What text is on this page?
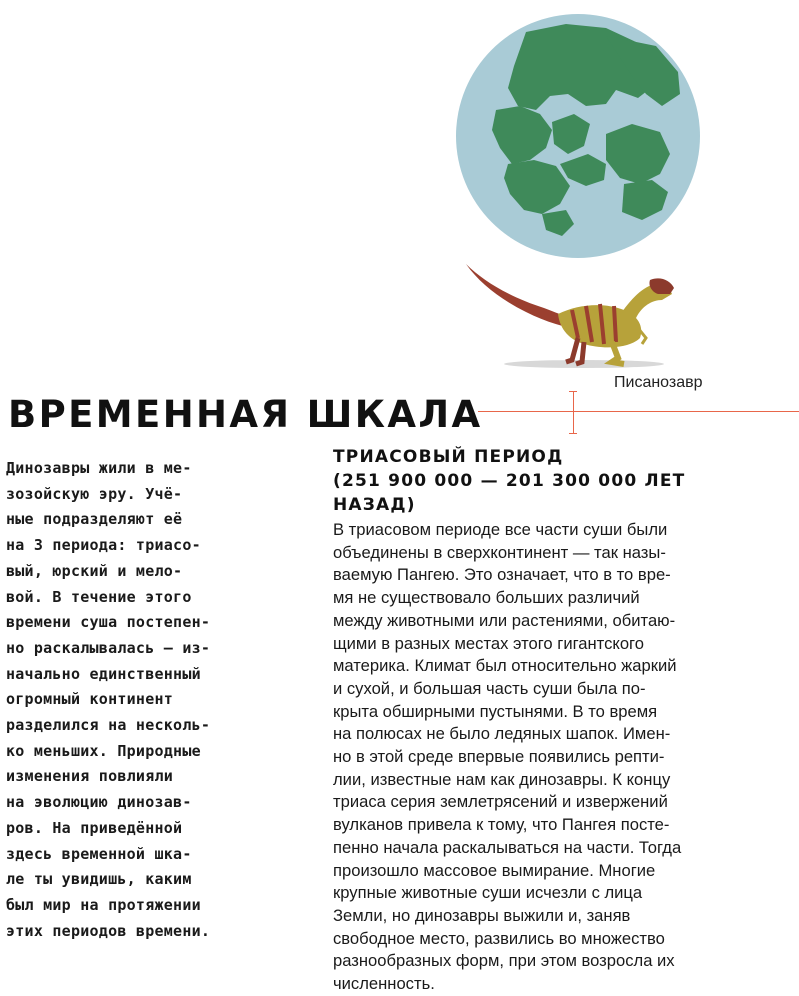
Писанозавр
ВРЕМЕННАЯ ШКАЛА

Динозавры жили в ме-
зозойскую эру. Учё-
ные подразделяют её
на 3 периода: триасо-
вый, юрский и мело-
вой. В течение этого
времени суша постепен-
но раскалывалась — из-
начально единственный
огромный континент
разделился на несколь-
ко меньших. Природные
изменения повлияли
на эволюцию динозав-
ров. На приведённой
здесь временной шка-
ле ты увидишь, каким
был мир на протяжении
этих периодов времени.

ТРИАСОВЫЙ ПЕРИОД
(251 900 000 — 201 300 000 ЛЕТ
НАЗАД)

В триасовом периоде все части суши были
объединены в сверхконтинент — так назы-
ваемую Пангею. Это означает, что в то вре-
мя не существовало больших различий
между животными или растениями, обитаю-
щими в разных местах этого гигантского
материка. Климат был относительно жаркий
и сухой, и большая часть суши была по-
крыта обширными пустынями. В то время
на полюсах не было ледяных шапок. Имен-
но в этой среде впервые появились репти-
лии, известные нам как динозавры. К концу
триаса серия землетрясений и извержений
вулканов привела к тому, что Пангея посте-
пенно начала раскалываться на части. Тогда
произошло массовое вымирание. Многие
крупные животные суши исчезли с лица
Земли, но динозавры выжили и, заняв
свободное место, развились во множество
разнообразных форм, при этом возросла их
численность.
